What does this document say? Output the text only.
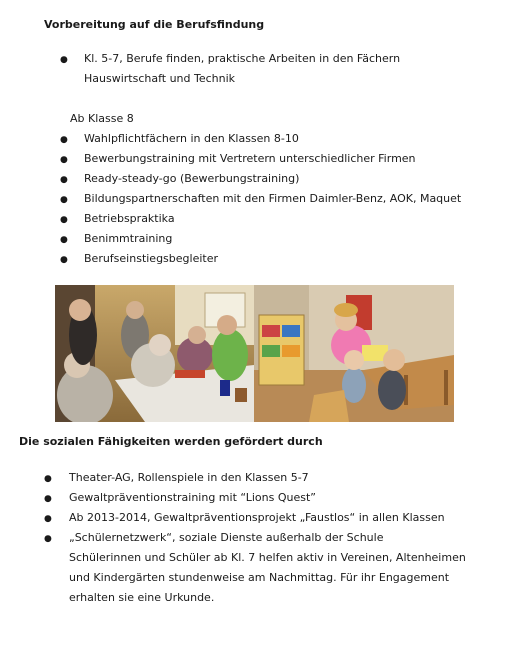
Vorbereitung auf die Berufsfindung
● Kl. 5-7, Berufe finden, praktische Arbeiten in den Fächern
Hauswirtschaft und Technik
Ab Klasse 8
● Wahlpflichtfächern in den Klassen 8-10
● Bewerbungstraining mit Vertretern unterschiedlicher Firmen
● Ready-steady-go (Bewerbungstraining)
● Bildungspartnerschaften mit den Firmen Daimler-Benz, AOK, Maquet
● Betriebspraktika
● Benimmtraining
● Berufseinstiegsbegleiter
Die sozialen Fähigkeiten werden gefördert durch
● Theater-AG, Rollenspiele in den Klassen 5-7
● Gewaltpräventionstraining mit “Lions Quest”
● Ab 2013-2014, Gewaltpräventionsprojekt „Faustlos“ in allen Klassen
● „Schülernetzwerk“, soziale Dienste außerhalb der Schule
Schülerinnen und Schüler ab Kl. 7 helfen aktiv in Vereinen, Altenheimen
und Kindergärten stundenweise am Nachmittag. Für ihr Engagement
erhalten sie eine Urkunde.
